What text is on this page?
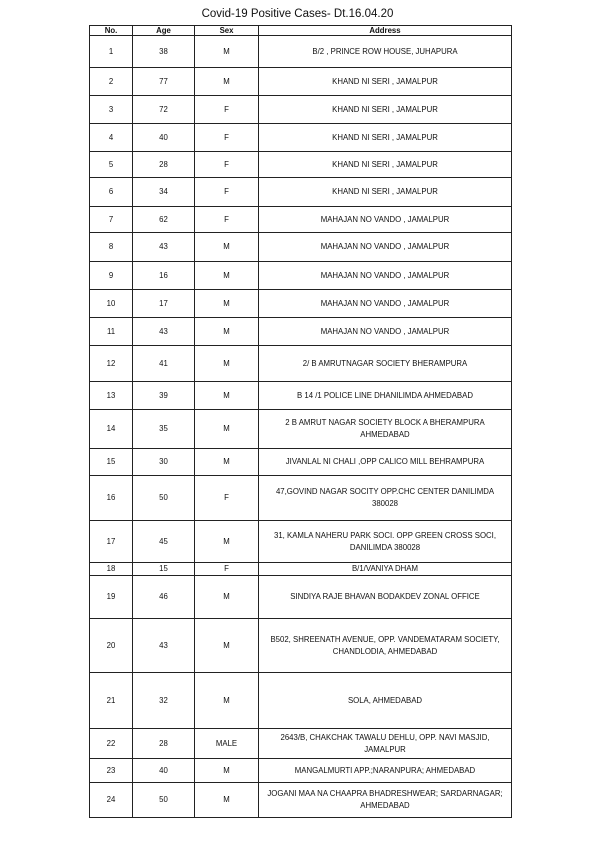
Covid-19 Positive Cases- Dt.16.04.20
No.	Age	Sex	Address
1	38	M	B/2 , PRINCE ROW HOUSE, JUHAPURA
2	77	M	KHAND NI SERI , JAMALPUR
3	72	F	KHAND NI SERI , JAMALPUR
4	40	F	KHAND NI SERI , JAMALPUR
5	28	F	KHAND NI SERI , JAMALPUR
6	34	F	KHAND NI SERI , JAMALPUR
7	62	F	MAHAJAN NO VANDO , JAMALPUR
8	43	M	MAHAJAN NO VANDO , JAMALPUR
9	16	M	MAHAJAN NO VANDO , JAMALPUR
10	17	M	MAHAJAN NO VANDO , JAMALPUR
11	43	M	MAHAJAN NO VANDO , JAMALPUR
12	41	M	2/ B AMRUTNAGAR SOCIETY BHERAMPURA
13	39	M	B 14 /1 POLICE LINE DHANILIMDA AHMEDABAD
14	35	M	2 B AMRUT NAGAR SOCIETY BLOCK A BHERAMPURA AHMEDABAD
15	30	M	JIVANLAL NI CHALI ,OPP CALICO MILL BEHRAMPURA
16	50	F	47,GOVIND NAGAR SOCITY OPP.CHC CENTER DANILIMDA 380028
17	45	M	31, KAMLA NAHERU PARK SOCI. OPP GREEN CROSS SOCI, DANILIMDA 380028
18	15	F	B/1/VANIYA DHAM
19	46	M	SINDIYA RAJE BHAVAN BODAKDEV ZONAL OFFICE
20	43	M	B502, SHREENATH AVENUE, OPP. VANDEMATARAM SOCIETY, CHANDLODIA, AHMEDABAD
21	32	M	SOLA, AHMEDABAD
22	28	MALE	2643/B, CHAKCHAK TAWALU DEHLU, OPP. NAVI MASJID, JAMALPUR
23	40	M	MANGALMURTI APP.;NARANPURA; AHMEDABAD
24	50	M	JOGANI MAA NA CHAAPRA BHADRESHWEAR; SARDARNAGAR; AHMEDABAD
